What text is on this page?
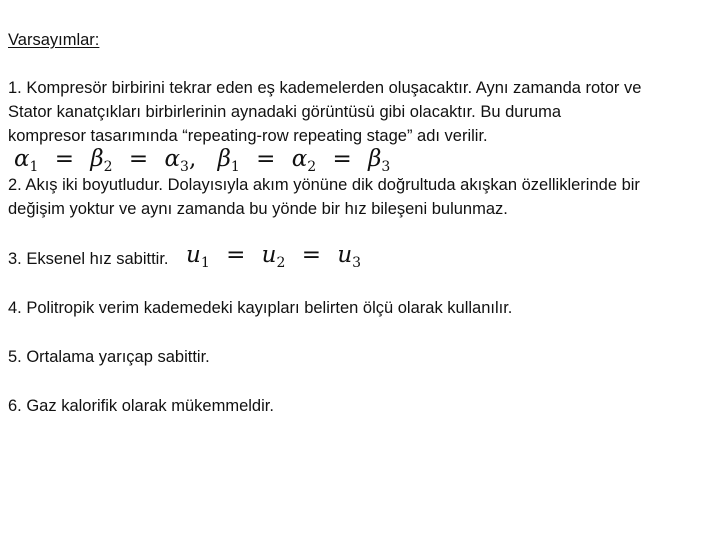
Varsayımlar:
1. Kompresör birbirini tekrar eden eş kademelerden oluşacaktır. Aynı zamanda rotor ve
Stator kanatçıkları birbirlerinin aynadaki görüntüsü gibi olacaktır. Bu duruma
kompresor tasarımında “repeating-row repeating stage” adı verilir.
$\alpha_1 = \beta_2 = \alpha_3$, $\beta_1 = \alpha_2 = \beta_3$
2. Akış iki boyutludur. Dolayısıyla akım yönüne dik doğrultuda akışkan özelliklerinde bir
değişim yoktur ve aynı zamanda bu yönde bir hız bileşeni bulunmaz.
3. Eksenel hız sabittir. $u_1 = u_2 = u_3$
4. Politropik verim kademedeki kayıpları belirten ölçü olarak kullanılır.
5. Ortalama yarıçap sabittir.
6. Gaz kalorifik olarak mükemmeldir.
